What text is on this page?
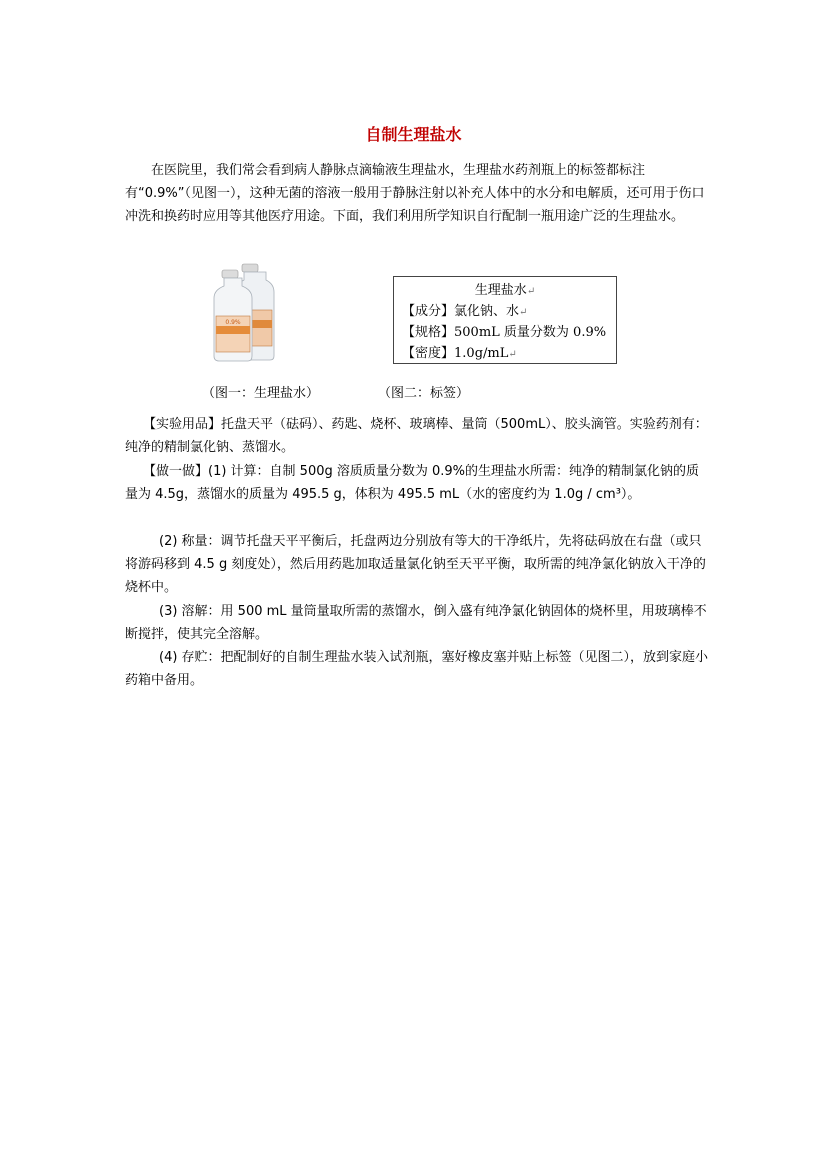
自制生理盐水
在医院里，我们常会看到病人静脉点滴输液生理盐水，生理盐水药剂瓶上的标签都标注有“0.9%”（见图一），这种无菌的溶液一般用于静脉注射以补充人体中的水分和电解质，还可用于伤口冲洗和换药时应用等其他医疗用途。下面，我们利用所学知识自行配制一瓶用途广泛的生理盐水。
0.9%
生理盐水↵
【成分】氯化钠、水↵
【规格】500mL 质量分数为 0.9%
【密度】1.0g/mL↵
（图一：生理盐水）	（图二：标签）
【实验用品】托盘天平（砝码）、药匙、烧杯、玻璃棒、量筒（500mL）、胶头滴管。实验药剂有：纯净的精制氯化钠、蒸馏水。
【做一做】(1) 计算：自制 500g 溶质质量分数为 0.9%的生理盐水所需：纯净的精制氯化钠的质量为 4.5g，蒸馏水的质量为 495.5 g，体积为 495.5 mL（水的密度约为 1.0g / cm³）。
(2) 称量：调节托盘天平平衡后，托盘两边分别放有等大的干净纸片，先将砝码放在右盘（或只将游码移到 4.5 g 刻度处），然后用药匙加取适量氯化钠至天平平衡，取所需的纯净氯化钠放入干净的烧杯中。
(3) 溶解：用 500 mL 量筒量取所需的蒸馏水，倒入盛有纯净氯化钠固体的烧杯里，用玻璃棒不断搅拌，使其完全溶解。
(4) 存贮：把配制好的自制生理盐水装入试剂瓶，塞好橡皮塞并贴上标签（见图二），放到家庭小药箱中备用。
